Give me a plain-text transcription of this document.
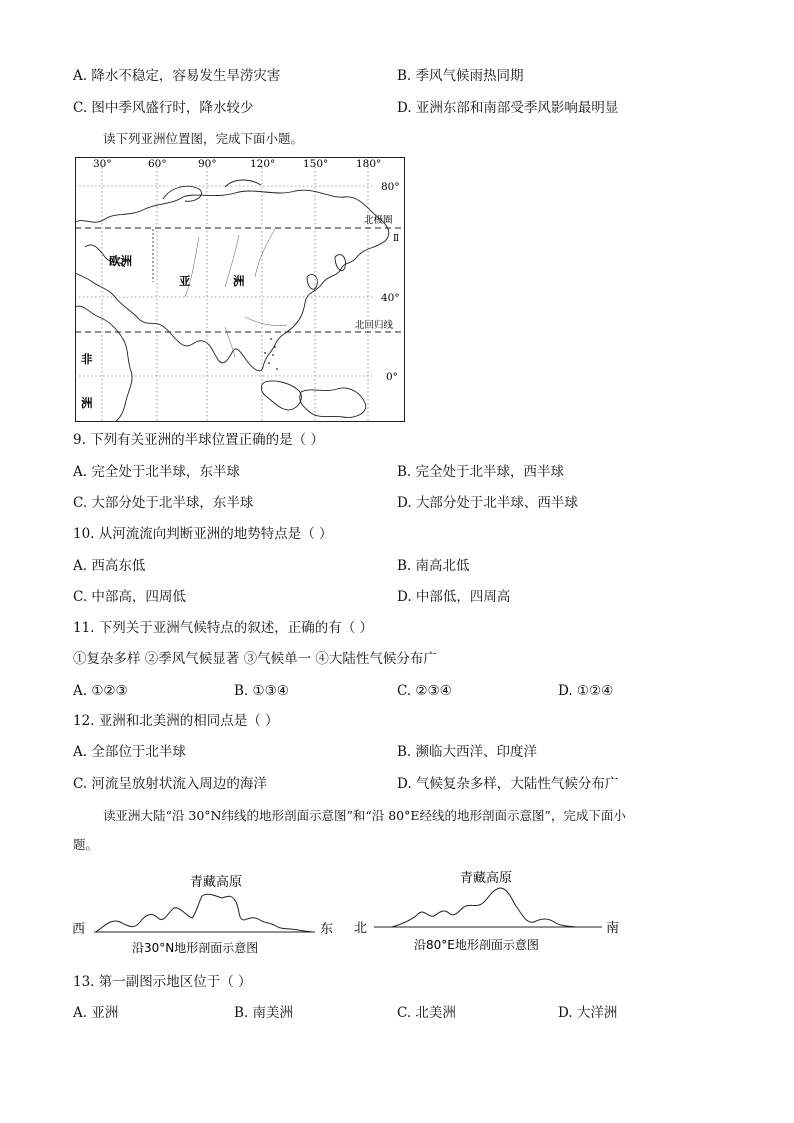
A. 降水不稳定，容易发生旱涝灾害	B. 季风气候雨热同期
C. 图中季风盛行时，降水较少	D. 亚洲东部和南部受季风影响最明显
读下列亚洲位置图，完成下面小题。
30°	60°	90°	120°	150°	180°
80°
40°
0°
北极圈
Ⅱ
北回归线
欧洲
亚	洲
非
洲
9. 下列有关亚洲的半球位置正确的是（ ）
A. 完全处于北半球，东半球	B. 完全处于北半球，西半球
C. 大部分处于北半球，东半球	D. 大部分处于北半球、西半球
10. 从河流流向判断亚洲的地势特点是（ ）
A. 西高东低	B. 南高北低
C. 中部高，四周低	D. 中部低，四周高
11. 下列关于亚洲气候特点的叙述，正确的有（ ）
①复杂多样 ②季风气候显著 ③气候单一 ④大陆性气候分布广
A. ①②③	B. ①③④	C. ②③④	D. ①②④
12. 亚洲和北美洲的相同点是（ ）
A. 全部位于北半球	B. 濒临大西洋、印度洋
C. 河流呈放射状流入周边的海洋	D. 气候复杂多样，大陆性气候分布广
读亚洲大陆“沿 30°N纬线的地形剖面示意图”和“沿 80°E经线的地形剖面示意图”，完成下面小
题。
青藏高原
西	东
沿30°N地形剖面示意图
青藏高原
北	南
沿80°E地形剖面示意图
13. 第一副图示地区位于（ ）
A. 亚洲	B. 南美洲	C. 北美洲	D. 大洋洲
